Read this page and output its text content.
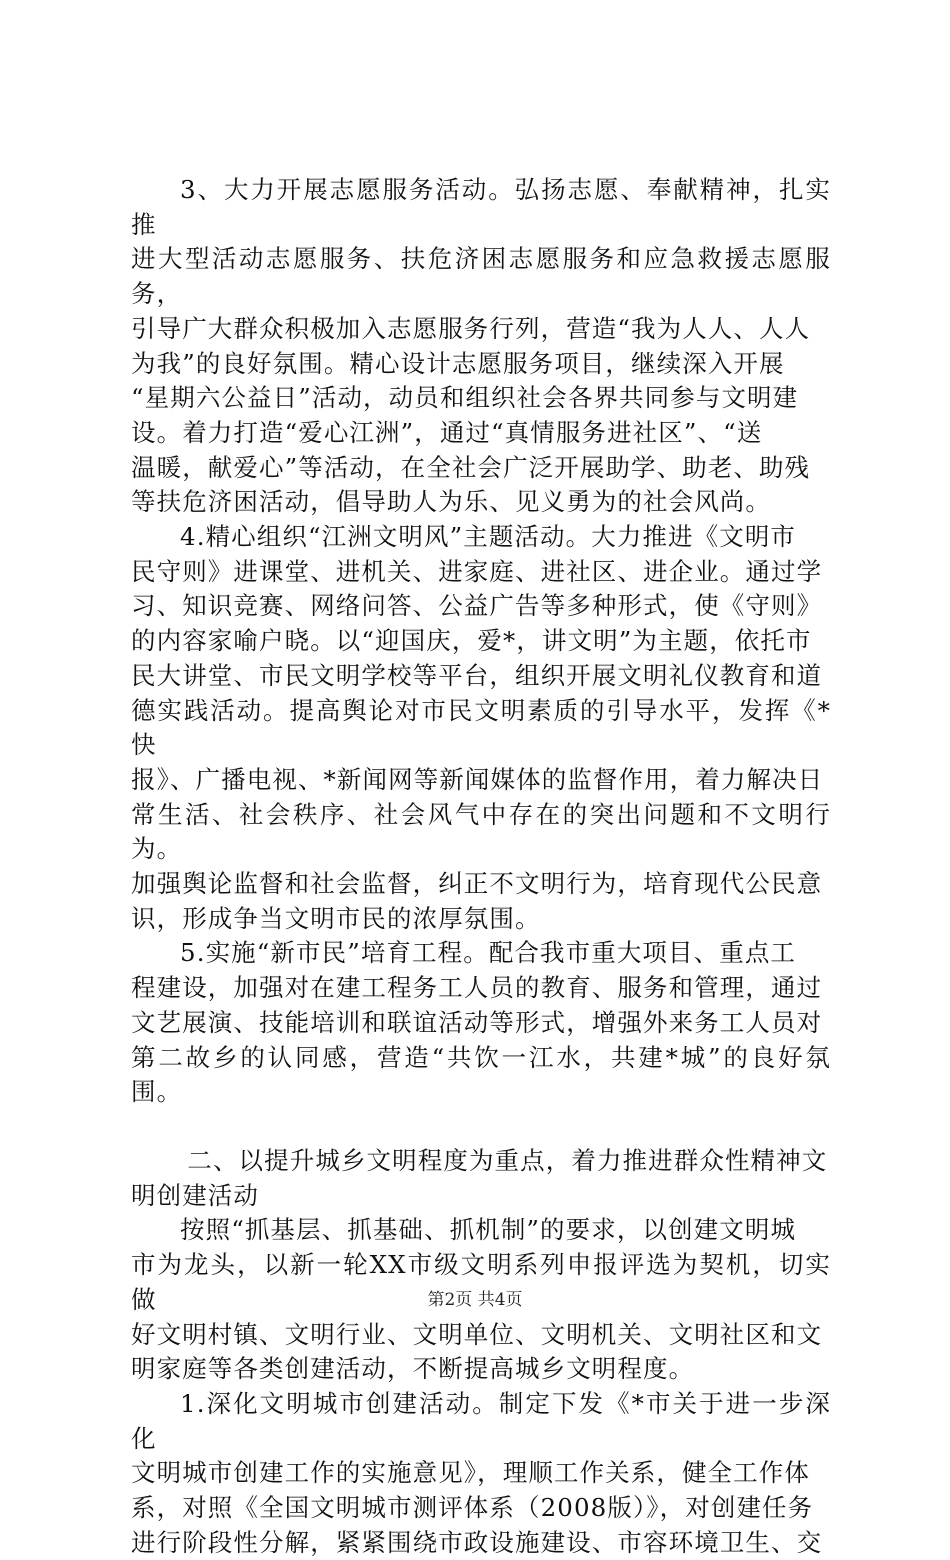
3、大力开展志愿服务活动。弘扬志愿、奉献精神，扎实推
进大型活动志愿服务、扶危济困志愿服务和应急救援志愿服务，
引导广大群众积极加入志愿服务行列，营造“我为人人、人人
为我”的良好氛围。精心设计志愿服务项目，继续深入开展
“星期六公益日”活动，动员和组织社会各界共同参与文明建
设。着力打造“爱心江洲”，通过“真情服务进社区”、“送
温暖，献爱心”等活动，在全社会广泛开展助学、助老、助残
等扶危济困活动，倡导助人为乐、见义勇为的社会风尚。

4.精心组织“江洲文明风”主题活动。大力推进《文明市
民守则》进课堂、进机关、进家庭、进社区、进企业。通过学
习、知识竞赛、网络问答、公益广告等多种形式，使《守则》
的内容家喻户晓。以“迎国庆，爱*，讲文明”为主题，依托市
民大讲堂、市民文明学校等平台，组织开展文明礼仪教育和道
德实践活动。提高舆论对市民文明素质的引导水平，发挥《*快
报》、广播电视、*新闻网等新闻媒体的监督作用，着力解决日
常生活、社会秩序、社会风气中存在的突出问题和不文明行为。
加强舆论监督和社会监督，纠正不文明行为，培育现代公民意
识，形成争当文明市民的浓厚氛围。

5.实施“新市民”培育工程。配合我市重大项目、重点工
程建设，加强对在建工程务工人员的教育、服务和管理，通过
文艺展演、技能培训和联谊活动等形式，增强外来务工人员对
第二故乡的认同感，营造“共饮一江水，共建*城”的良好氛围。

二、以提升城乡文明程度为重点，着力推进群众性精神文
明创建活动

按照“抓基层、抓基础、抓机制”的要求，以创建文明城
市为龙头，以新一轮XX市级文明系列申报评选为契机，切实做
好文明村镇、文明行业、文明单位、文明机关、文明社区和文
明家庭等各类创建活动，不断提高城乡文明程度。

1.深化文明城市创建活动。制定下发《*市关于进一步深化
文明城市创建工作的实施意见》，理顺工作关系，健全工作体
系，对照《全国文明城市测评体系（2008版）》，对创建任务
进行阶段性分解，紧紧围绕市政设施建设、市容环境卫生、交

第2页 共4页
